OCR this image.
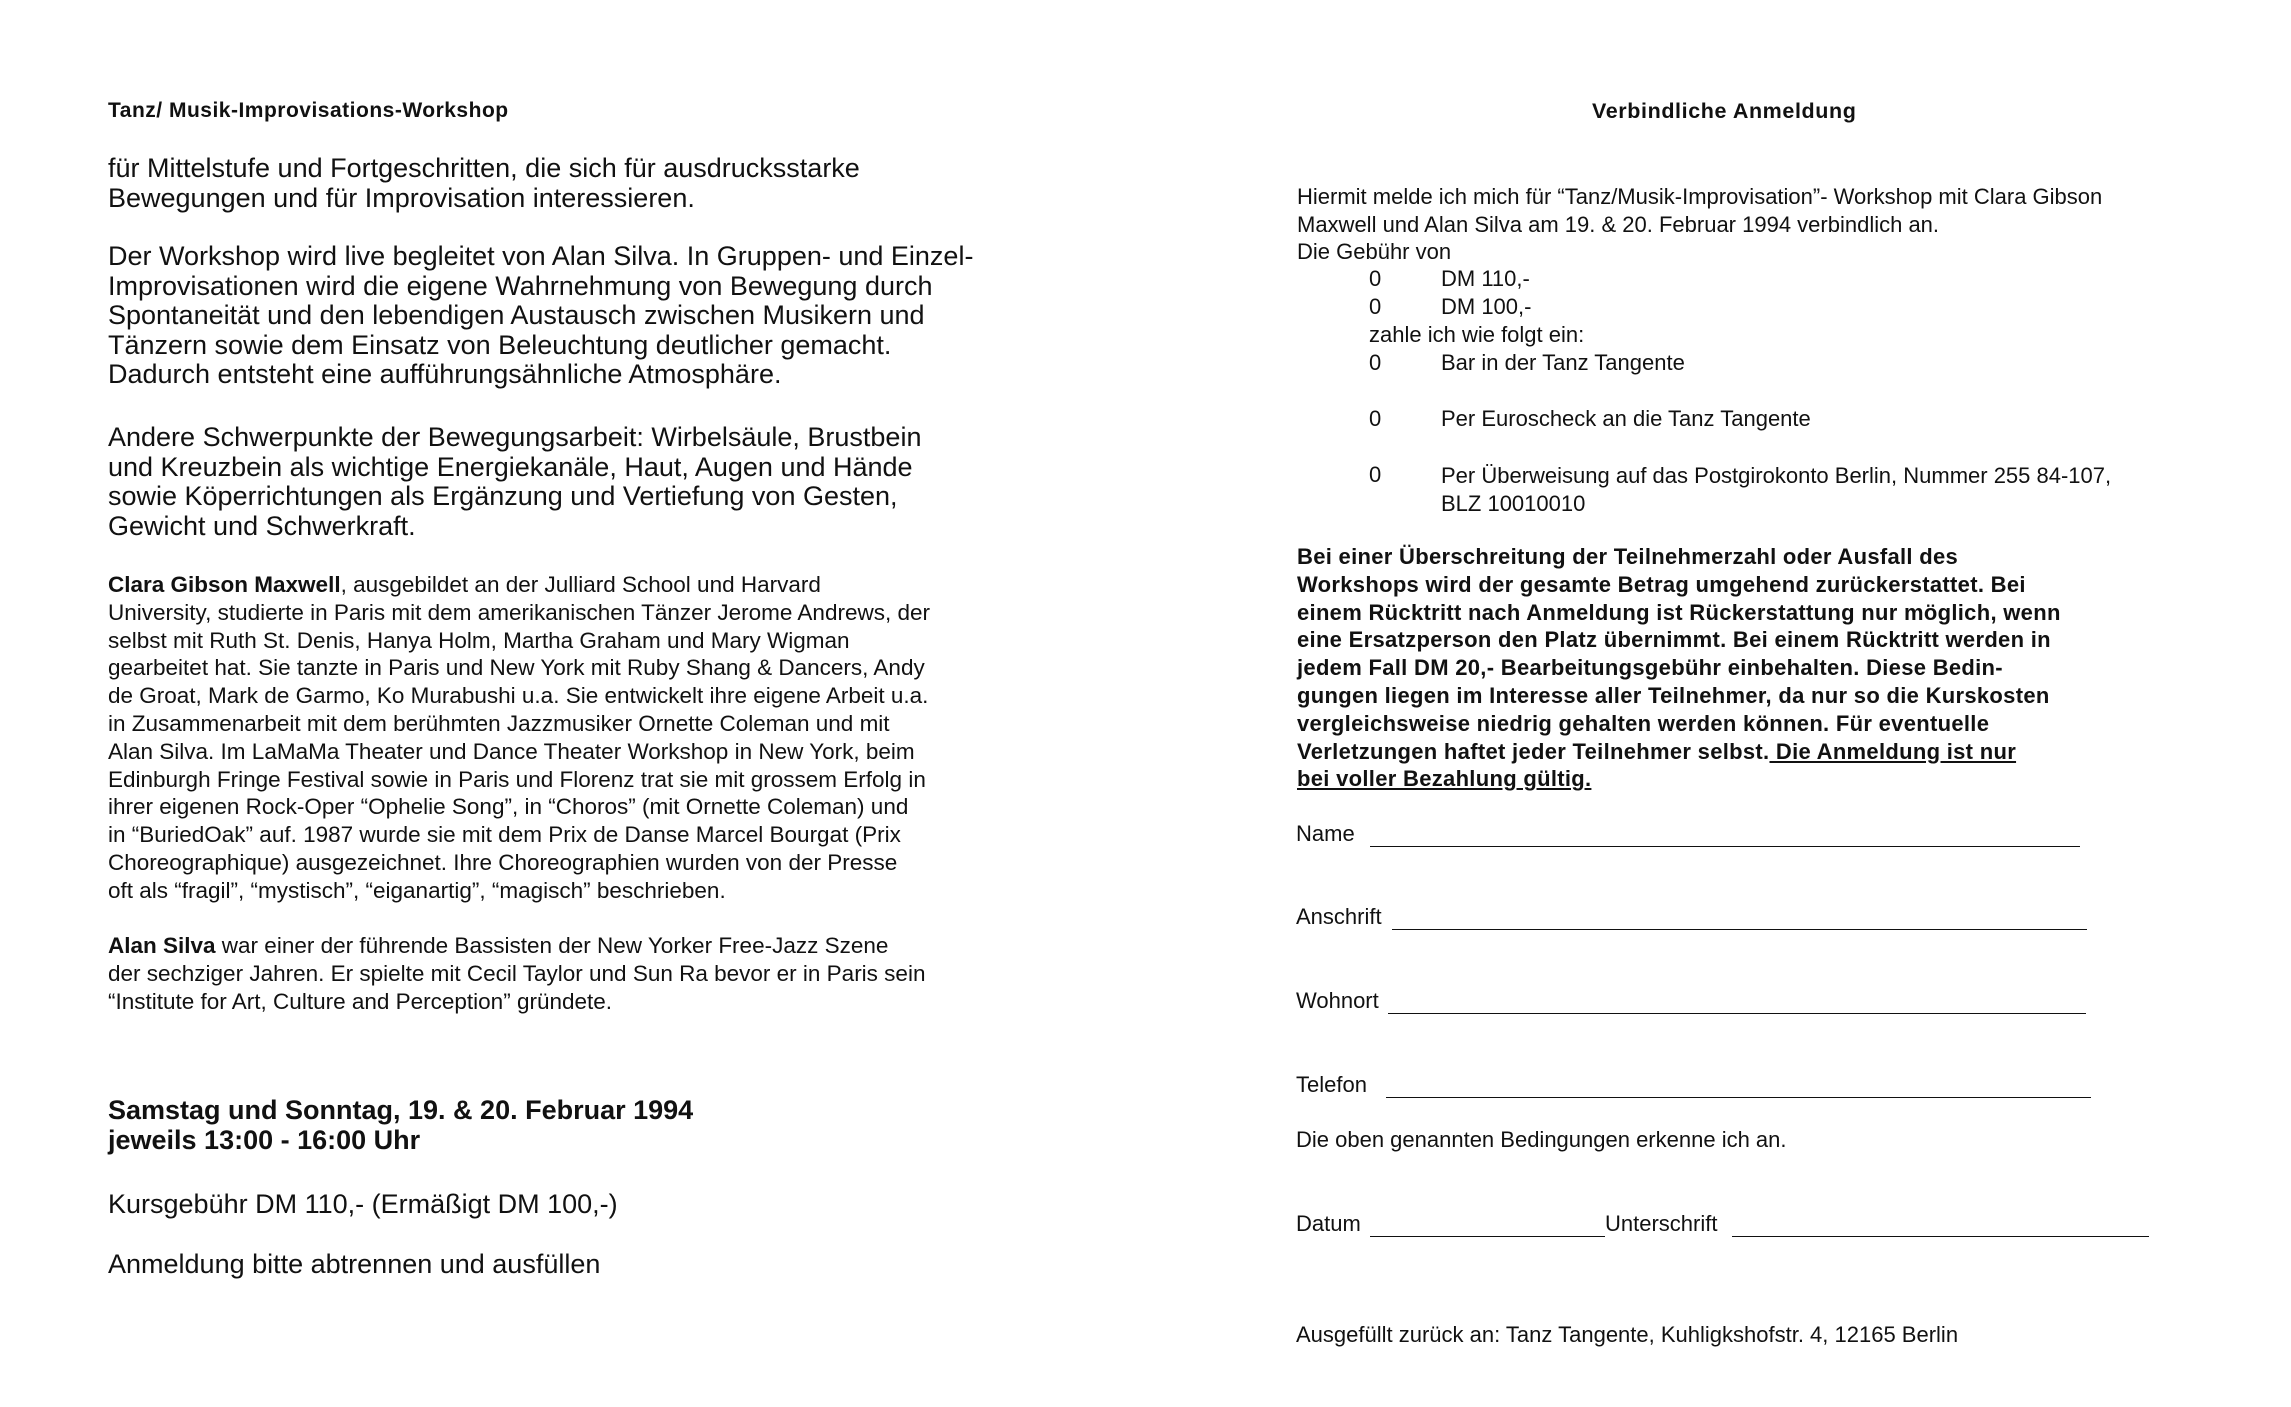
Tanz/ Musik-Improvisations-Workshop
für Mittelstufe und Fortgeschritten, die sich für ausdrucksstarke
Bewegungen und für Improvisation interessieren.
Der Workshop wird live begleitet von Alan Silva. In Gruppen- und Einzel-
Improvisationen wird die eigene Wahrnehmung von Bewegung durch
Spontaneität und den lebendigen Austausch zwischen Musikern und
Tänzern sowie dem Einsatz von Beleuchtung deutlicher gemacht.
Dadurch entsteht eine aufführungsähnliche Atmosphäre.
Andere Schwerpunkte der Bewegungsarbeit: Wirbelsäule, Brustbein
und Kreuzbein als wichtige Energiekanäle, Haut, Augen und Hände
sowie Köperrichtungen als Ergänzung und Vertiefung von Gesten,
Gewicht und Schwerkraft.
Clara Gibson Maxwell, ausgebildet an der Julliard School und Harvard
University, studierte in Paris mit dem amerikanischen Tänzer Jerome Andrews, der
selbst mit Ruth St. Denis, Hanya Holm, Martha Graham und Mary Wigman
gearbeitet hat. Sie tanzte in Paris und New York mit Ruby Shang & Dancers, Andy
de Groat, Mark de Garmo, Ko Murabushi u.a. Sie entwickelt ihre eigene Arbeit u.a.
in Zusammenarbeit mit dem berühmten Jazzmusiker Ornette Coleman und mit
Alan Silva. Im LaMaMa Theater und Dance Theater Workshop in New York, beim
Edinburgh Fringe Festival sowie in Paris und Florenz trat sie mit grossem Erfolg in
ihrer eigenen Rock-Oper “Ophelie Song”, in “Choros” (mit Ornette Coleman) und
in “BuriedOak” auf. 1987 wurde sie mit dem Prix de Danse Marcel Bourgat (Prix
Choreographique) ausgezeichnet. Ihre Choreographien wurden von der Presse
oft als “fragil”, “mystisch”, “eiganartig”, “magisch” beschrieben.
Alan Silva war einer der führende Bassisten der New Yorker Free-Jazz Szene
der sechziger Jahren. Er spielte mit Cecil Taylor und Sun Ra bevor er in Paris sein
“Institute for Art, Culture and Perception” gründete.
Samstag und Sonntag, 19. & 20. Februar 1994
jeweils 13:00 - 16:00 Uhr
Kursgebühr DM 110,- (Ermäßigt DM 100,-)
Anmeldung bitte abtrennen und ausfüllen
Verbindliche Anmeldung
Hiermit melde ich mich für “Tanz/Musik-Improvisation”- Workshop mit Clara Gibson
Maxwell und Alan Silva am 19. & 20. Februar 1994 verbindlich an.
Die Gebühr von
0	DM 110,-
0	DM 100,-
zahle ich wie folgt ein:
0	Bar in der Tanz Tangente
0	Per Euroscheck an die Tanz Tangente
0	Per Überweisung auf das Postgirokonto Berlin, Nummer 255 84-107,
BLZ 10010010
Bei einer Überschreitung der Teilnehmerzahl oder Ausfall des
Workshops wird der gesamte Betrag umgehend zurückerstattet. Bei
einem Rücktritt nach Anmeldung ist Rückerstattung nur möglich, wenn
eine Ersatzperson den Platz übernimmt. Bei einem Rücktritt werden in
jedem Fall DM 20,- Bearbeitungsgebühr einbehalten. Diese Bedin-
gungen liegen im Interesse aller Teilnehmer, da nur so die Kurskosten
vergleichsweise niedrig gehalten werden können. Für eventuelle
Verletzungen haftet jeder Teilnehmer selbst. Die Anmeldung ist nur
bei voller Bezahlung gültig.
Name
Anschrift
Wohnort
Telefon
Die oben genannten Bedingungen erkenne ich an.
Datum	Unterschrift
Ausgefüllt zurück an: Tanz Tangente, Kuhligkshofstr. 4, 12165 Berlin
